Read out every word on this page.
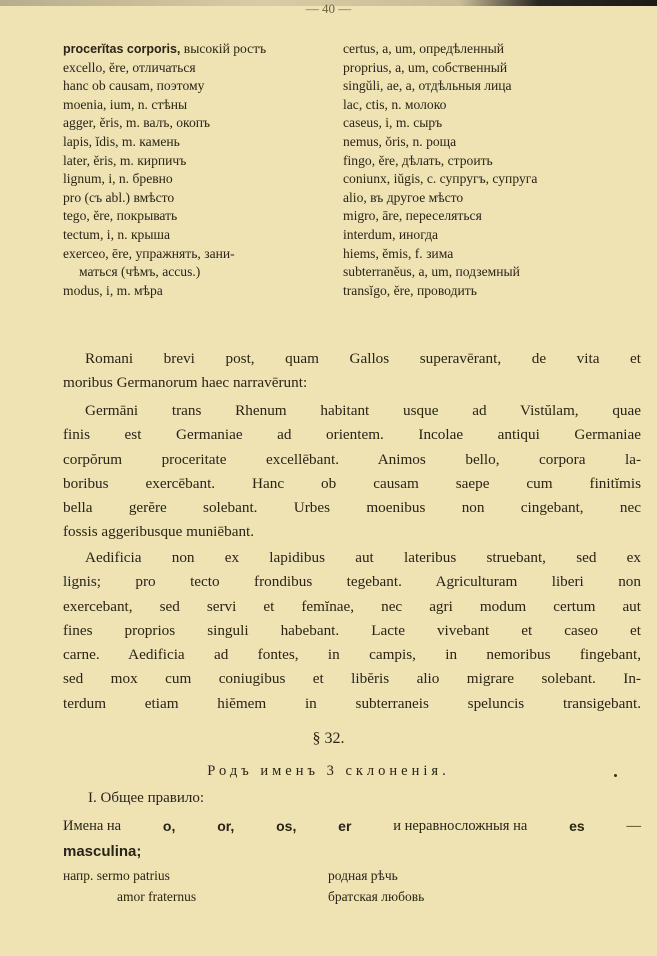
— 40 —
procerĭtas corporis, высокій ростъ	certus, a, um, опредѣленный
excello, ĕre, отличаться	proprius, a, um, собственный
hanc ob causam, поэтому	singŭli, ae, a, отдѣльныя лица
moenia, ium, n. стѣны	lac, ctis, n. молоко
agger, ĕris, m. валъ, окопъ	caseus, i, m. сыръ
lapis, ĭdis, m. камень	nemus, ŏris, n. роща
later, ĕris, m. кирпичъ	fingo, ĕre, дѣлать, строить
lignum, i, n. бревно	coniunx, iŭgis, c. супругъ, супруга
pro (съ abl.) вмѣсто	alio, въ другое мѣсто
tego, ĕre, покрывать	migro, āre, переселяться
tectum, i, n. крыша	interdum, иногда
exerceo, ēre, упражнять, зани-	hiems, ĕmis, f. зима
маться (чѣмъ, accus.)	subterranĕus, a, um, подземный
modus, i, m. мѣра	transĭgo, ĕre, проводить
Romani brevi post, quam Gallos superavērant, de vita et
moribus Germanorum haec narravērunt:
Germāni trans Rhenum habitant usque ad Vistŭlam, quae
finis est Germaniae ad orientem. Incolae antiqui Germaniae
corpŏrum proceritate excellēbant. Animos bello, corpora la-
boribus exercēbant. Hanc ob causam saepe cum finitĭmis
bella gerĕre solebant. Urbes moenibus non cingebant, nec
fossis aggeribusque muniēbant.
Aedificia non ex lapidibus aut lateribus struebant, sed ex
lignis; pro tecto frondibus tegebant. Agriculturam liberi non
exercebant, sed servi et femĭnae, nec agri modum certum aut
fines proprios singuli habebant. Lacte vivebant et caseo et
carne. Aedificia ad fontes, in campis, in nemoribus fingebant,
sed mox cum coniugibus et libĕris alio migrare solebant. In-
terdum etiam hiĕmem in subterraneis speluncis transigebant.
§ 32.
Родъ именъ 3 склоненія.
I. Общее правило:
Имена на	o,	or,	os,	er	и неравносложныя на	es	—
masculina;
напр. sermo patrius	родная рѣчь
amor fraternus	братская любовь
